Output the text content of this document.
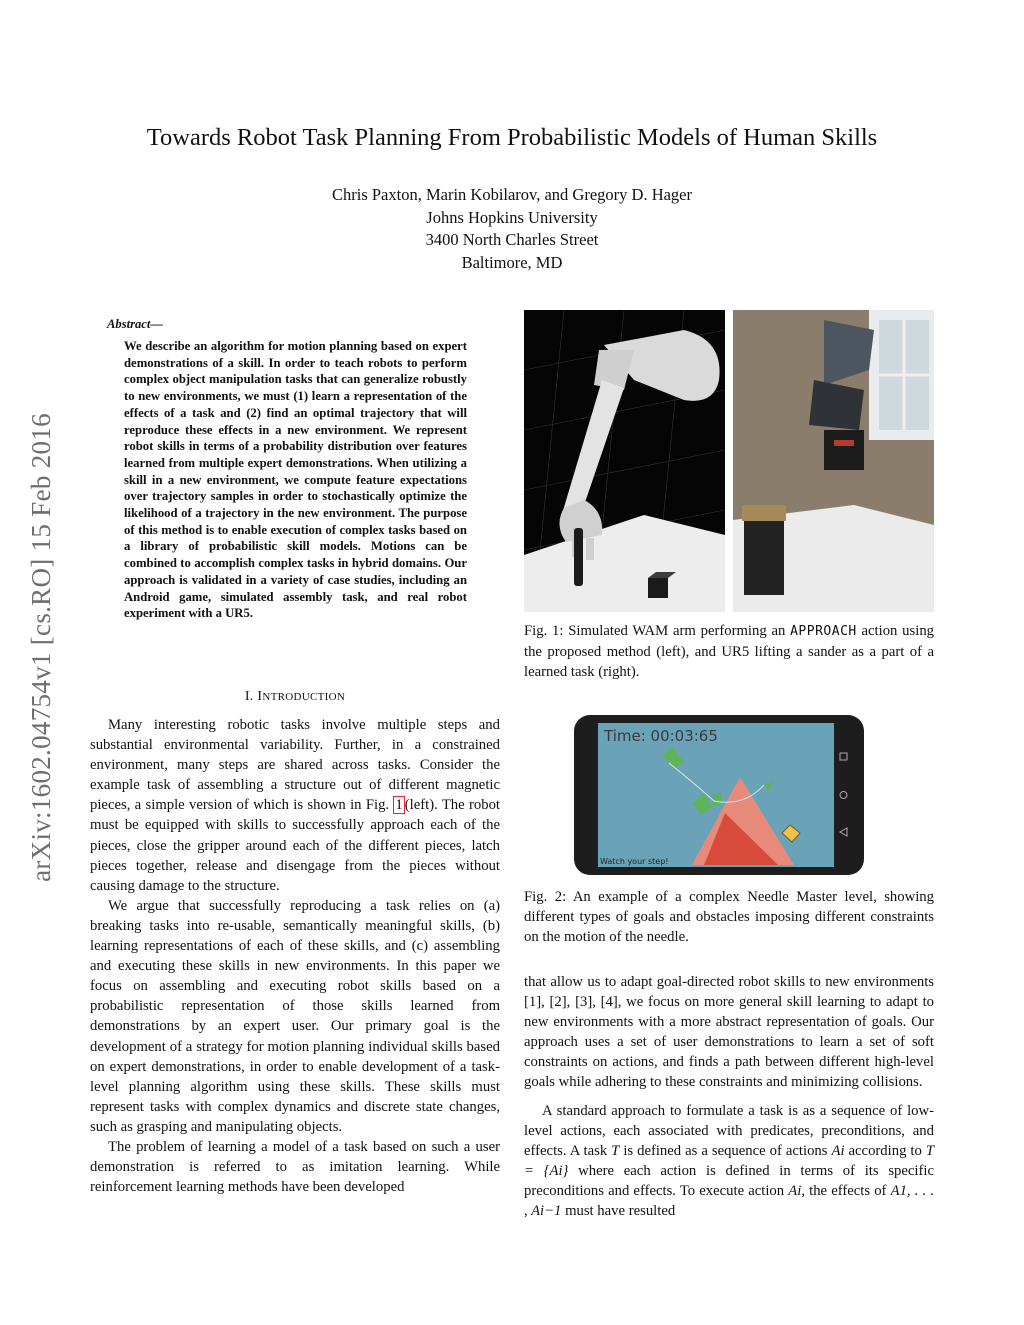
arXiv:1602.04754v1 [cs.RO] 15 Feb 2016
Towards Robot Task Planning From Probabilistic Models of Human Skills
Chris Paxton, Marin Kobilarov, and Gregory D. Hager
Johns Hopkins University
3400 North Charles Street
Baltimore, MD
Abstract—
We describe an algorithm for motion planning based on expert demonstrations of a skill. In order to teach robots to perform complex object manipulation tasks that can generalize robustly to new environments, we must (1) learn a representation of the effects of a task and (2) find an optimal trajectory that will reproduce these effects in a new environment. We represent robot skills in terms of a probability distribution over features learned from multiple expert demonstrations. When utilizing a skill in a new environment, we compute feature expectations over trajectory samples in order to stochastically optimize the likelihood of a trajectory in the new environment. The purpose of this method is to enable execution of complex tasks based on a library of probabilistic skill models. Motions can be combined to accomplish complex tasks in hybrid domains. Our approach is validated in a variety of case studies, including an Android game, simulated assembly task, and real robot experiment with a UR5.
I. INTRODUCTION

Many interesting robotic tasks involve multiple steps and substantial environmental variability. Further, in a constrained environment, many steps are shared across tasks. Consider the example task of assembling a structure out of different magnetic pieces, a simple version of which is shown in Fig. 1 (left). The robot must be equipped with skills to successfully approach each of the pieces, close the gripper around each of the different pieces, latch pieces together, release and disengage from the pieces without causing damage to the structure.

We argue that successfully reproducing a task relies on (a) breaking tasks into re-usable, semantically meaningful skills, (b) learning representations of each of these skills, and (c) assembling and executing these skills in new environments. In this paper we focus on assembling and executing robot skills based on a probabilistic representation of those skills learned from demonstrations by an expert user. Our primary goal is the development of a strategy for motion planning individual skills based on expert demonstrations, in order to enable development of a task-level planning algorithm using these skills. These skills must represent tasks with complex dynamics and discrete state changes, such as grasping and manipulating objects.

The problem of learning a model of a task based on such a user demonstration is referred to as imitation learning. While reinforcement learning methods have been developed

Fig. 1: Simulated WAM arm performing an APPROACH action using the proposed method (left), and UR5 lifting a sander as a part of a learned task (right).
Time: 00:03:65
Watch your step!
Fig. 2: An example of a complex Needle Master level, showing different types of goals and obstacles imposing different constraints on the motion of the needle.

that allow us to adapt goal-directed robot skills to new environments [1], [2], [3], [4], we focus on more general skill learning to adapt to new environments with a more abstract representation of goals. Our approach uses a set of user demonstrations to learn a set of soft constraints on actions, and finds a path between different high-level goals while adhering to these constraints and minimizing collisions.

A standard approach to formulate a task is as a sequence of low-level actions, each associated with predicates, preconditions, and effects. A task T is defined as a sequence of actions Ai according to T = {Ai} where each action is defined in terms of its specific preconditions and effects. To execute action Ai, the effects of A1, . . . , Ai−1 must have resulted
